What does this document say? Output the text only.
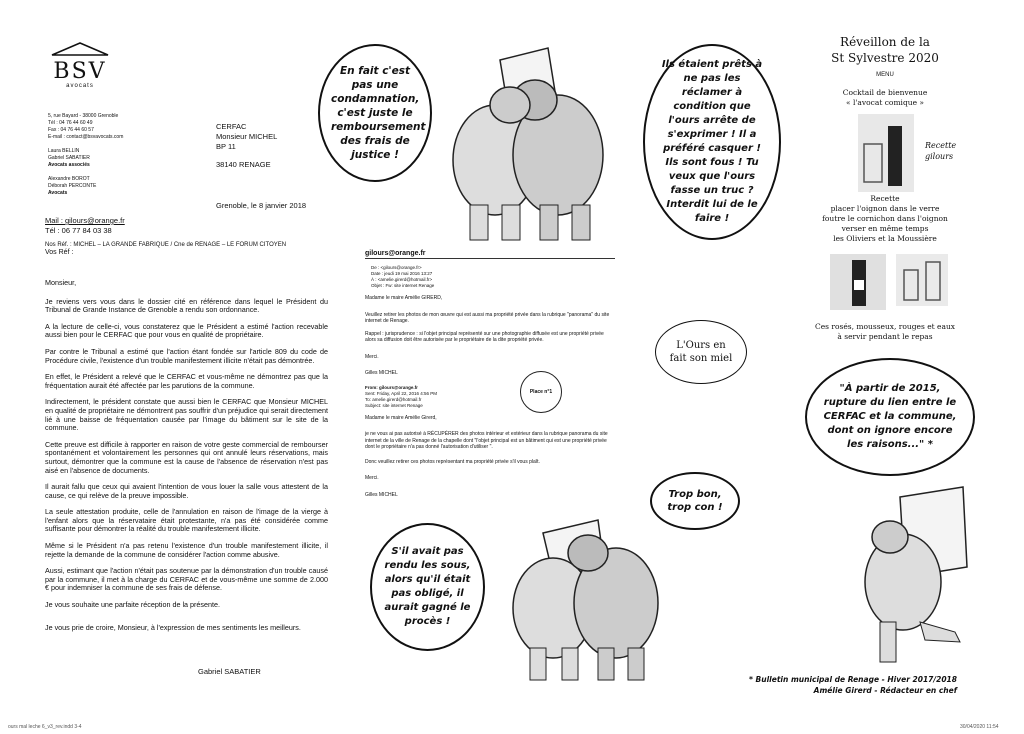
BSV
avocats
5, rue Bayard - 38000 Grenoble
Tél : 04 76 44 60 49
Fax : 04 76 44 60 57
E-mail : contact@bsvavocats.com
Laura BELLIN
Gabriel SABATIER
Avocats associés
Alexandre BOROT
Déborah PERCONTE
Avocats
CERFAC
Monsieur MICHEL
BP 11
38140 RENAGE
Grenoble, le 8 janvier 2018
Mail : gilours@orange.fr
Tél : 06 77 84 03 38
Nos Réf. : MICHEL – LA GRANDE FABRIQUE / Cne de RENAGE – LE FORUM CITOYEN
Vos Réf :

Monsieur,

Je reviens vers vous dans le dossier cité en référence dans lequel le Président du Tribunal de Grande Instance de Grenoble a rendu son ordonnance.

A la lecture de celle-ci, vous constaterez que le Président a estimé l'action recevable aussi bien pour le CERFAC que pour vous en qualité de propriétaire.

Par contre le Tribunal a estimé que l'action étant fondée sur l'article 809 du code de Procédure civile, l'existence d'un trouble manifestement illicite n'était pas démontrée.

En effet, le Président a relevé que le CERFAC et vous-même ne démontrez pas que la fréquentation aurait été affectée par les parutions de la commune.

Indirectement, le président constate que aussi bien le CERFAC que Monsieur MICHEL en qualité de propriétaire ne démontrent pas souffrir d'un préjudice qui serait directement lié à une baisse de fréquentation causée par l'image du bâtiment sur le site de la commune.

Cette preuve est difficile à rapporter en raison de votre geste commercial de rembourser spontanément et volontairement les personnes qui ont annulé leurs réservations, mais surtout, démontrer que la commune est la cause de l'absence de réservation n'est pas aisé en l'absence de documents.

Il aurait fallu que ceux qui avaient l'intention de vous louer la salle vous attestent de la cause, ce qui relève de la preuve impossible.

La seule attestation produite, celle de l'annulation en raison de l'image de la vierge à l'enfant alors que la réservataire était protestante, n'a pas été considérée comme suffisante pour démontrer la réalité du trouble manifestement illicite.

Même si le Président n'a pas retenu l'existence d'un trouble manifestement illicite, il rejette la demande de la commune de considérer l'action comme abusive.

Aussi, estimant que l'action n'était pas soutenue par la démonstration d'un trouble causé par la commune, il met à la charge du CERFAC et de vous-même une somme de 2.000 € pour indemniser la commune de ses frais de défense.

Je vous souhaite une parfaite réception de la présente.

Je vous prie de croire, Monsieur, à l'expression de mes sentiments les meilleurs.

Gabriel SABATIER
En fait c'est pas une condamnation, c'est juste le remboursement des frais de justice !
Ils étaient prêts à ne pas les réclamer à condition que l'ours arrête de s'exprimer ! Il a préféré casquer ! Ils sont fous ! Tu veux que l'ours fasse un truc ? Interdit lui de le faire !
gilours@orange.fr
De : <gilours@orange.fr>
Date : jeudi 19 mai 2016 13:27
À : <amelie.girerd@hotmail.fr>
Objet : Fw: site internet Renage

Madame le maire Amélie GIRERD,

Veuillez retirer les photos de mon œuvre qui est aussi ma propriété privée dans la rubrique "panorama" du site internet de Renage.

Rappel : jurisprudence : si l'objet principal représenté sur une photographie diffusée est une propriété privée alors sa diffusion doit être autorisée par le propriétaire de la dite propriété privée.

Merci.

Gilles MICHEL

From: gilours@orange.fr
Sent: Friday, April 22, 2016 4:56 PM
To: amelie.girerd@hotmail.fr
Subject: site internet Renage

Madame le maire Amélie Girerd,

je ne vous ai pas autorisé à RÉCUPÉRER des photos intérieur et extérieur dans la rubrique panorama du site internet de la ville de Renage de la chapelle dont "l'objet principal est un bâtiment qui est une propriété privée dont le propriétaire n'a pas donné l'autorisation d'utiliser ".

Donc veuillez retirer ces photos représentant ma propriété privée s'il vous plaît.

Merci.

Gilles MICHEL

Place n°1
L'Ours en fait son miel
"À partir de 2015, rupture du lien entre le CERFAC et la commune, dont on ignore encore les raisons..." *
Trop bon, trop con !
S'il avait pas rendu les sous, alors qu'il était pas obligé, il aurait gagné le procès !
Réveillon de la
St Sylvestre 2020
MENU
Cocktail de bienvenue
« l'avocat comique »
Recette
gilours
Recette
placer l'oignon dans le verre
foutre le cornichon dans l'oignon
verser en même temps
les Oliviers et la Moussière
Ces rosés, mousseux, rouges et eaux
à servir pendant le repas
* Bulletin municipal de Renage - Hiver 2017/2018
Amélie Girerd - Rédacteur en chef
ours mal leche 6_v3_rev.indd 3-4	30/04/2020 11:54
